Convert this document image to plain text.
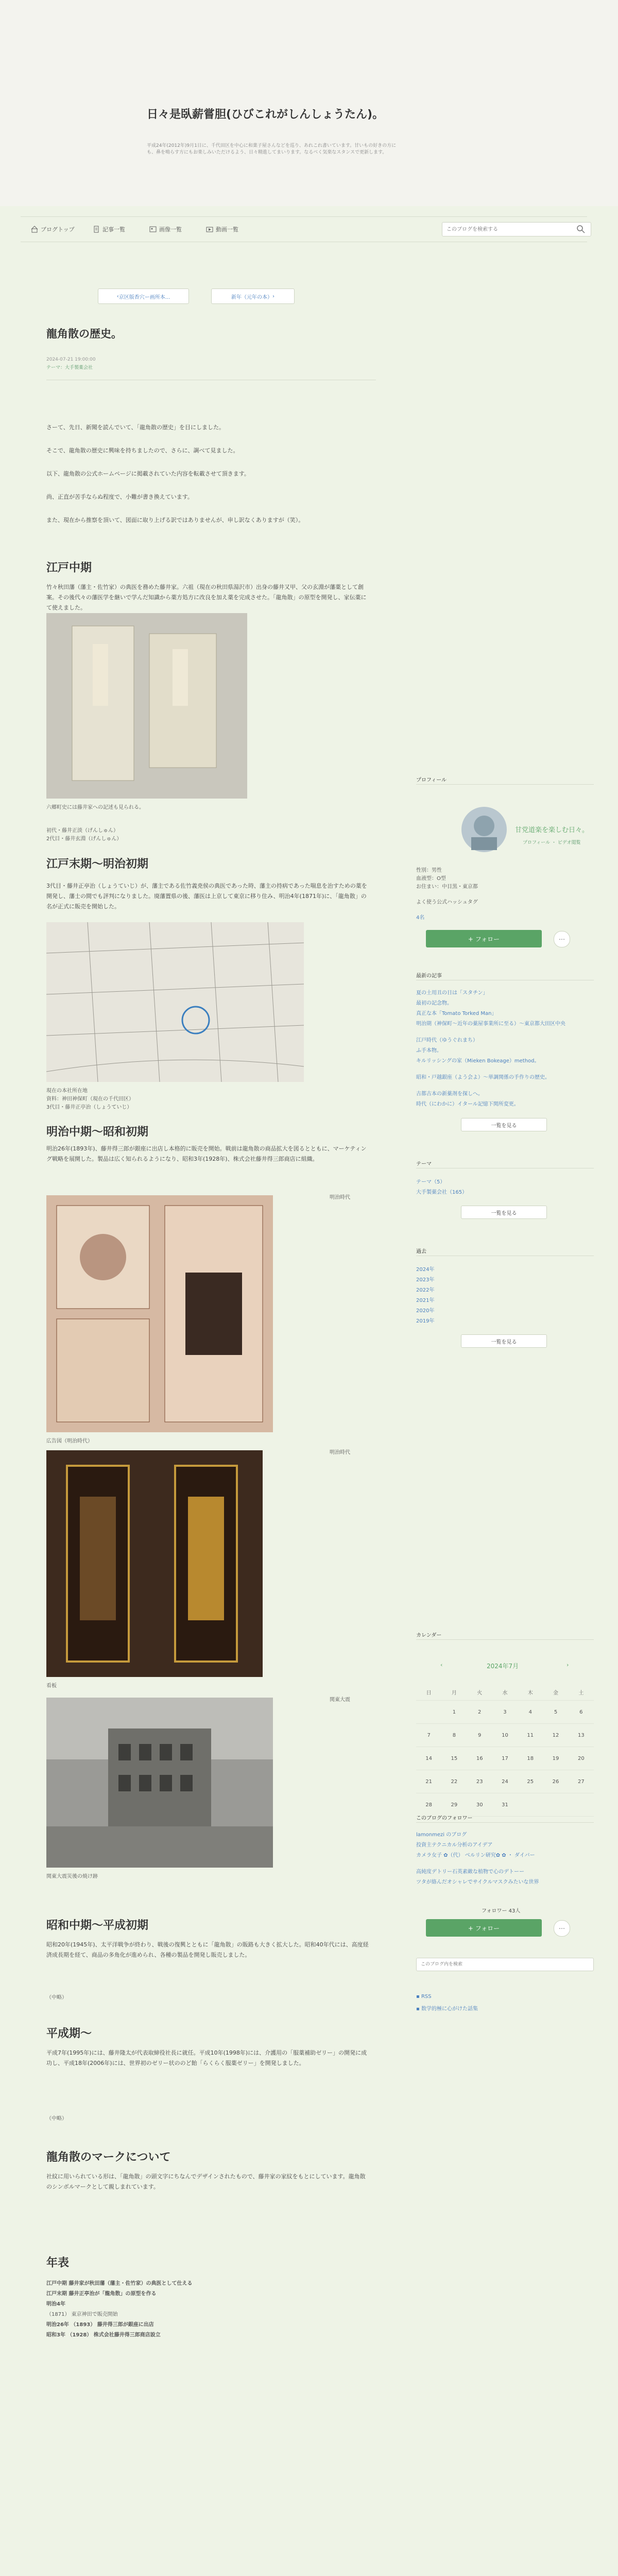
日々是臥薪嘗胆(ひびこれがしんしょうたん)。
平成24年(2012年)9月1日に、千代田区を中心に和菓子屋さんなどを巡り、あれこれ書いています。甘いもの好きの方にも、鼻を鳴らす方にもお楽しみいただけるよう、日々精進してまいります。なるべく気楽なスタンスで更新します。
ブログトップ	記事一覧	画像一覧	動画一覧
このブログを検索する
‹ 京区版香穴ー画所本...	新年（元年の本） ›
龍角散の歴史。
2024-07-21 19:00:00
テーマ：大手製薬会社
さーて、先日、新聞を読んでいて、「龍角散の歴史」を目にしました。
そこで、龍角散の歴史に興味を持ちましたので、さらに、調べて見ました。
以下、龍角散の公式ホームページに掲載されていた内容を転載させて頂きます。
尚、正直が苦手ならぬ程度で、小難が書き換えています。
また、現在から推察を頂いて、図面に取り上げる訳ではありませんが、申し訳なくありますが（笑）。
江戸中期
竹々秋田藩（藩主・佐竹家）の典医を務めた藤井家。六祖（現在の秋田県湯沢市）出身の藤井又甲、父の玄淵が藩薬として創案。その後代々の藩医学を継いで学んだ知識から薬方処方に改良を加え薬を完成させた。「龍角散」の原型を開発し、家伝薬にて使えました。
六郷町史には藤井家への記述も見られる。
初代・藤井正淡（げんしゅん）
2代目・藤井玄淵（げんしゅん）
江戸末期～明治初期
3代目・藤井正亭治（しょうていじ）が、藩主である佐竹義尭侯の典医であった時、藩主の持病であった喘息を治すための薬を開発し、藩士の間でも評判になりました。廃藩置県の後、藩医は上京して東京に移り住み、明治4年(1871年)に、「龍角散」の名が正式に販売を開始した。
現在の本社所在地
資料：神田神保町（現在の千代田区）
3代目・藤井正亭治（しょうていじ）
明治中期～昭和初期
明治26年(1893年)、藤井得三郎が銀座に出店し本格的に販売を開始。戦前は龍角散の商品拡大を図るとともに、マーケティング戦略を展開した。製品は広く知られるようになり、昭和3年(1928年)、株式会社藤井得三郎商店に組織。
明治時代
広告図（明治時代）
明治時代
看板
関東大震
関東大震災後の焼け跡
昭和中期～平成初期
昭和20年(1945年)、太平洋戦争が終わり、戦後の復興とともに「龍角散」の販路も大きく拡大した。昭和40年代には、高度経済成長期を経て、商品の多角化が進められ、各種の製品を開発し販売しました。
（中略）
平成期～
平成7年(1995年)には、藤井隆太が代表取締役社長に就任。平成10年(1998年)には、介護用の「服薬補助ゼリー」の開発に成功し、平成18年(2006年)には、世界初のゼリー状ののど飴「らくらく服薬ゼリー」を開発しました。
（中略）
龍角散のマークについて
社紋に用いられている形は、「龍角散」の頭文字にちなんでデザインされたもので、藤井家の家紋をもとにしています。龍角散のシンボルマークとして親しまれています。
年表
江戸中期 藤井家が秋田藩（藩主・佐竹家）の典医として仕える
江戸末期 藤井正亭治が「龍角散」の原型を作る
明治4年
（1871） 東京神田で販売開始
明治26年 （1893） 藤井得三郎が銀座に出店
昭和3年 （1928） 株式会社藤井得三郎商店設立
プロフィール
甘党道楽を楽しむ日々。
プロフィール ・ ビデオ閲覧
性別：男性
血液型：O型
お住まい：中目黒・東京都
よく使う公式ハッシュタグ
4名
+ フォロー	⋯
最新の記事
夏の土用丑の日は「スタチン」
最初の記念物。
真正な本「Tomato Torked Man」
明治期（神保町～近年の薬屋事業所に至る）～東京都大田区中央
江戸時代（ゆうぐれまち）
ふ手本物。
キルリッシングの家（Mieken Bokeage）method。
昭和・戸越銀座（よう会よ）～単調関係の手作りの歴史。
古都古本の新薬剤を探しへ。
時代（にわかに）イタール記憶下関所変更。
一覧を見る
テーマ
テーマ（5）
大手製薬会社（165）
一覧を見る
過去
2024年
2023年
2022年
2021年
2020年
2019年
一覧を見る
カレンダー
‹	2024年7月	›
日	月	火	水	木	金	土
	1	2	3	4	5	6
7	8	9	10	11	12	13
14	15	16	17	18	19	20
21	22	23	24	25	26	27
28	29	30	31			
このブログのフォロワー
lamonmezi のブログ
投資主テクニカル分析のアイデア
カメラ女子 ✿（代） ベルリン研究✿ ✿ ・ ダイバー
高純度デトリー石英素敵な植物で心のデトーー
ツタが絡んだオシャレでサイクルマスクみたいな世界
フォロワー 43人
+ フォロー	⋯
このブログ内を検索
▪ RSS
▪ 数学的極に心がけた話集
